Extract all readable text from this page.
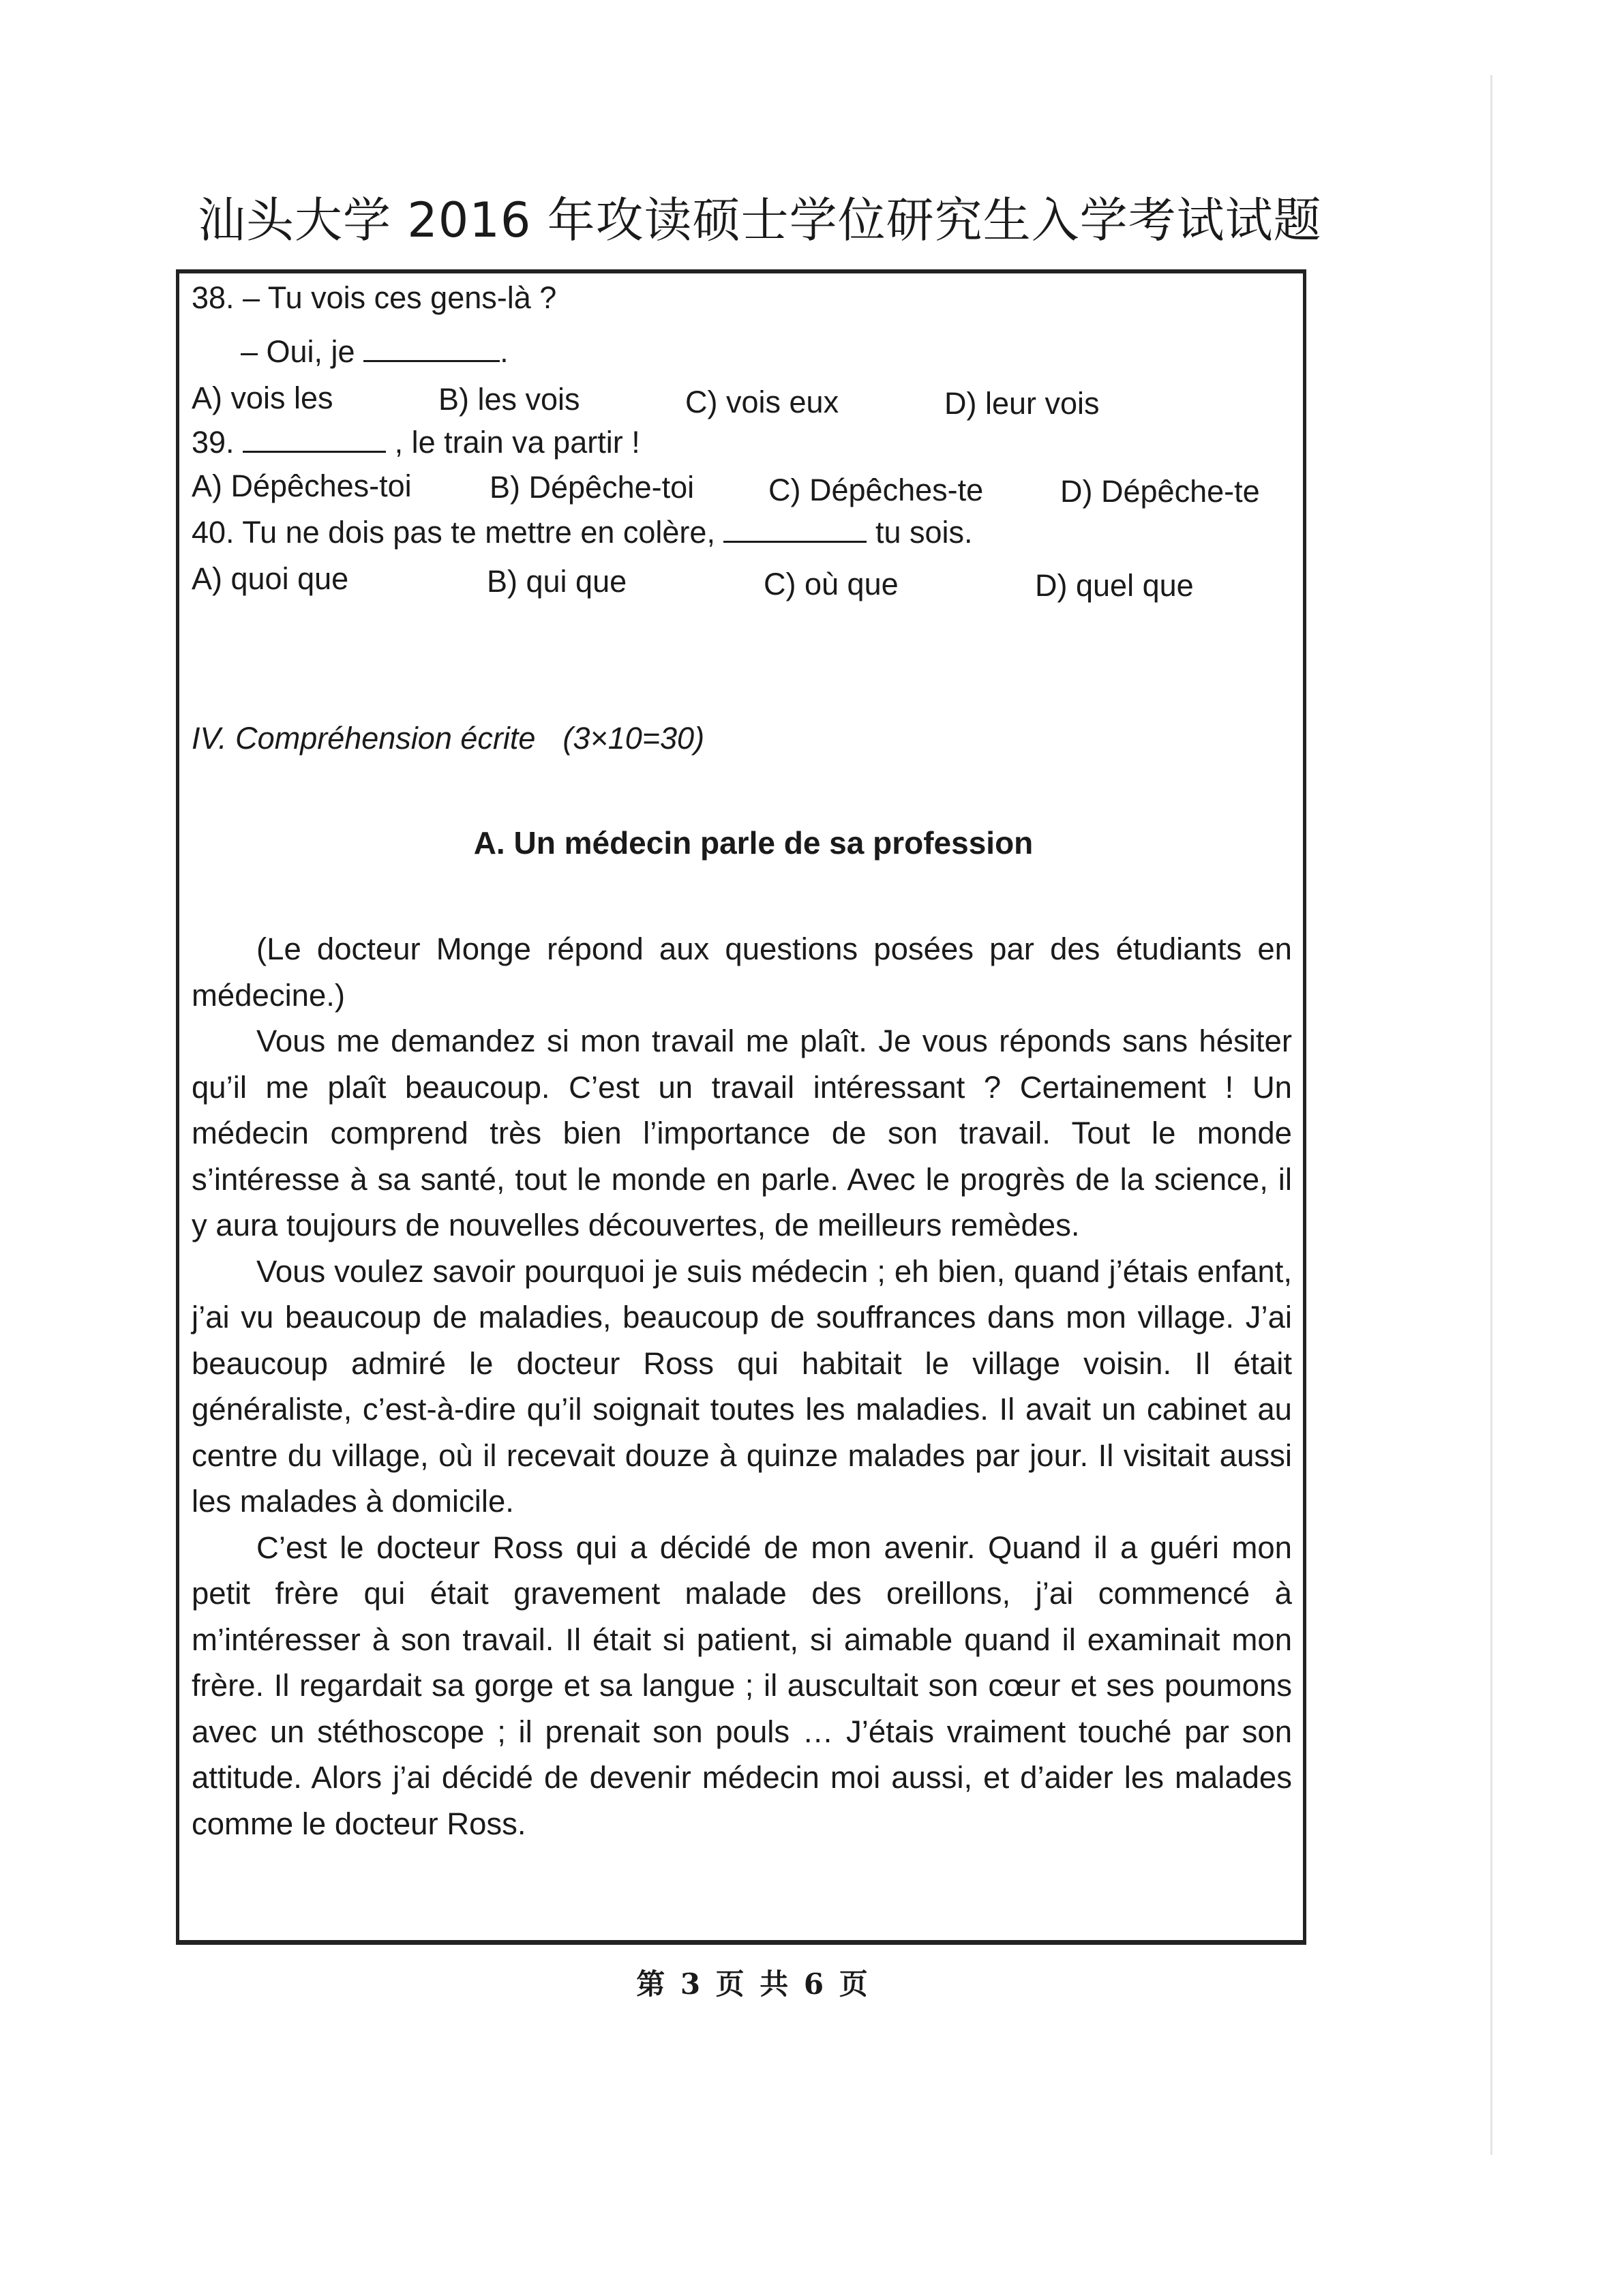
汕头大学 2016 年攻读硕士学位研究生入学考试试题
38. – Tu vois ces gens-là ?
– Oui, je	.
A) vois les	B) les vois	C) vois eux	D) leur vois
39.	, le train va partir !
A) Dépêches-toi	B) Dépêche-toi C) Dépêches-te	D) Dépêche-te
40. Tu ne dois pas te mettre en colère,	tu sois.
A) quoi que	B) qui que	C) où que	D) quel que
IV. Compréhension écrite (3×10=30)
A. Un médecin parle de sa profession

(Le docteur Monge répond aux questions posées par des étudiants en médecine.)

Vous me demandez si mon travail me plaît. Je vous réponds sans hésiter qu’il me plaît beaucoup. C’est un travail intéressant ? Certainement ! Un médecin comprend très bien l’importance de son travail. Tout le monde s’intéresse à sa santé, tout le monde en parle. Avec le progrès de la science, il y aura toujours de nouvelles découvertes, de meilleurs remèdes.

Vous voulez savoir pourquoi je suis médecin ; eh bien, quand j’étais enfant, j’ai vu beaucoup de maladies, beaucoup de souffrances dans mon village. J’ai beaucoup admiré le docteur Ross qui habitait le village voisin. Il était généraliste, c’est-à-dire qu’il soignait toutes les maladies. Il avait un cabinet au centre du village, où il recevait douze à quinze malades par jour. Il visitait aussi les malades à domicile.

C’est le docteur Ross qui a décidé de mon avenir. Quand il a guéri mon petit frère qui était gravement malade des oreillons, j’ai commencé à m’intéresser à son travail. Il était si patient, si aimable quand il examinait mon frère. Il regardait sa gorge et sa langue ; il auscultait son cœur et ses poumons avec un stéthoscope ; il prenait son pouls … J’étais vraiment touché par son attitude. Alors j’ai décidé de devenir médecin moi aussi, et d’aider les malades comme le docteur Ross.

第 3 页 共 6 页
